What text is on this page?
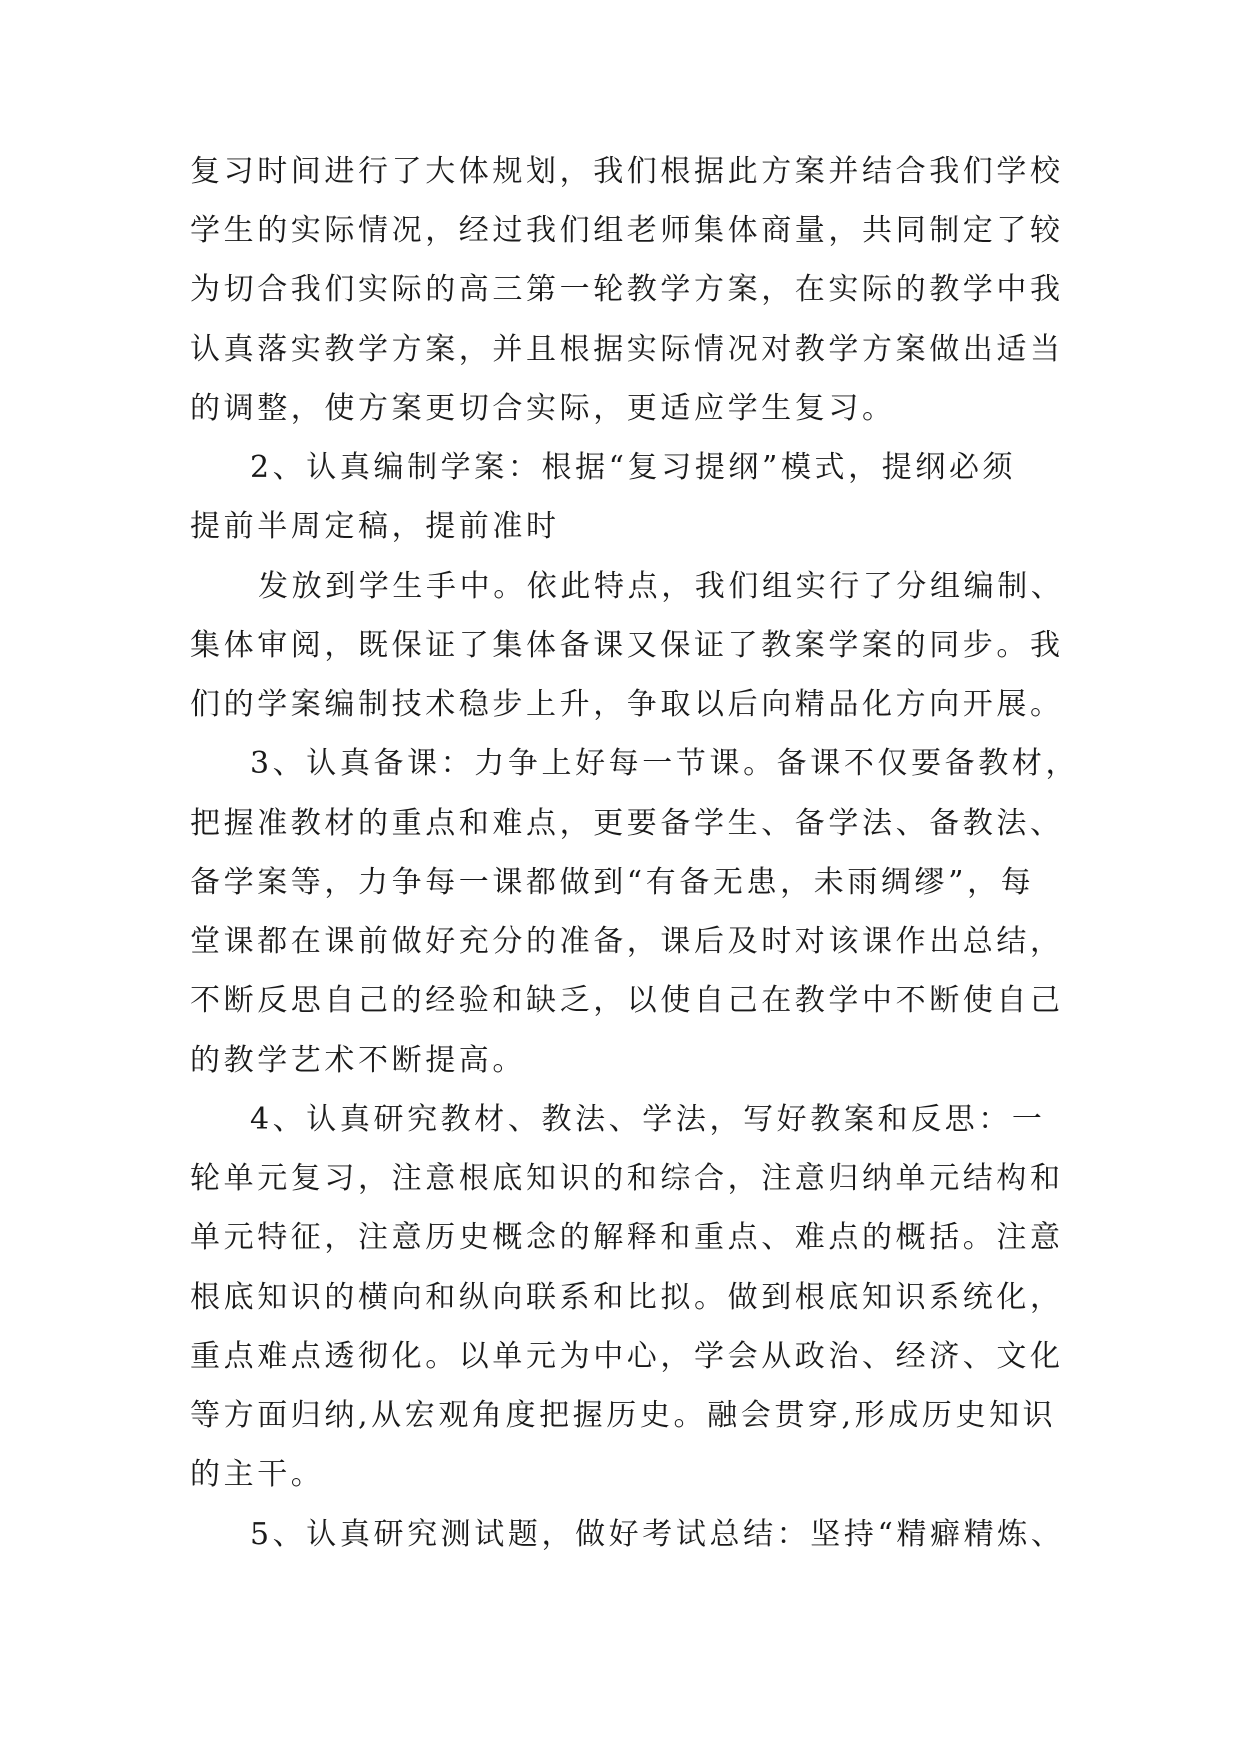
复习时间进行了大体规划，我们根据此方案并结合我们学校
学生的实际情况，经过我们组老师集体商量，共同制定了较
为切合我们实际的高三第一轮教学方案，在实际的教学中我
认真落实教学方案，并且根据实际情况对教学方案做出适当
的调整，使方案更切合实际，更适应学生复习。
2、认真编制学案：根据“复习提纲”模式，提纲必须
提前半周定稿，提前准时
发放到学生手中。依此特点，我们组实行了分组编制、
集体审阅，既保证了集体备课又保证了教案学案的同步。我
们的学案编制技术稳步上升，争取以后向精品化方向开展。
3、认真备课：力争上好每一节课。备课不仅要备教材，
把握准教材的重点和难点，更要备学生、备学法、备教法、
备学案等，力争每一课都做到“有备无患，未雨绸缪”，每
堂课都在课前做好充分的准备，课后及时对该课作出总结，
不断反思自己的经验和缺乏，以使自己在教学中不断使自己
的教学艺术不断提高。
4、认真研究教材、教法、学法，写好教案和反思：一
轮单元复习，注意根底知识的和综合，注意归纳单元结构和
单元特征，注意历史概念的解释和重点、难点的概括。注意
根底知识的横向和纵向联系和比拟。做到根底知识系统化，
重点难点透彻化。以单元为中心，学会从政治、经济、文化
等方面归纳,从宏观角度把握历史。融会贯穿,形成历史知识
的主干。
5、认真研究测试题，做好考试总结：坚持“精癖精炼、
